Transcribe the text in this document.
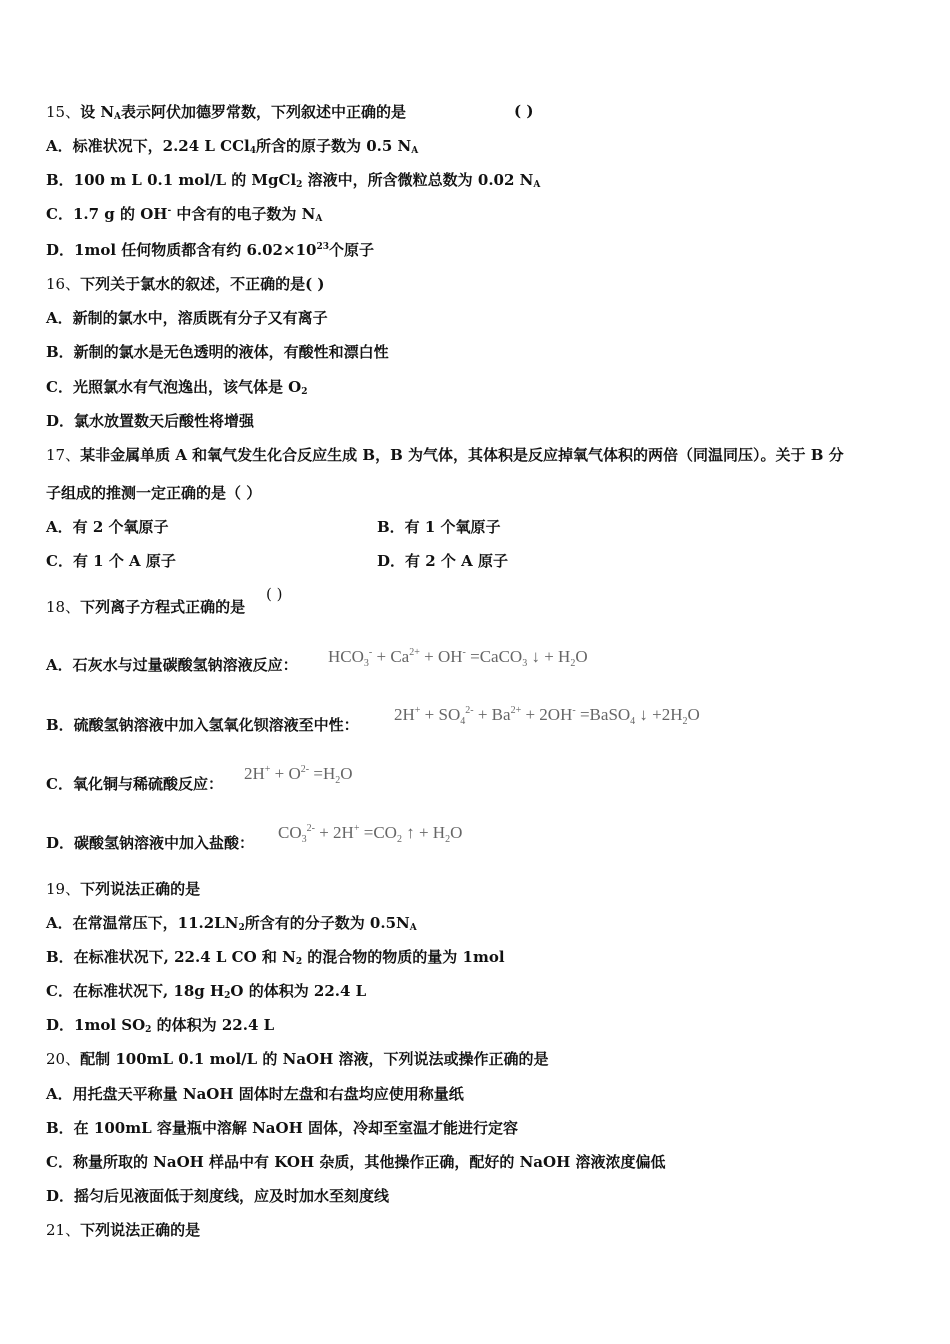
15、设 $N_A$表示阿伏加德罗常数，下列叙述中正确的是	( )
A．标准状况下，2.24 L CCl$_4$所含的原子数为 0.5 $N_A$
B．100 m L 0.1 mol/L 的 MgCl$_2$ 溶液中，所含微粒总数为 0.02 $N_A$
C．1.7 g 的 OH- 中含有的电子数为 $N_A$
D．1mol 任何物质都含有约 $6.02\times 10^{23}$个原子
16、下列关于氯水的叙述，不正确的是( )
A．新制的氯水中，溶质既有分子又有离子
B．新制的氯水是无色透明的液体，有酸性和漂白性
C．光照氯水有气泡逸出，该气体是 $O_2$
D．氯水放置数天后酸性将增强
17、某非金属单质 A 和氧气发生化合反应生成 B，B 为气体，其体积是反应掉氧气体积的两倍（同温同压）。关于 B 分
子组成的推测一定正确的是（ ）
A．有 2 个氧原子	B．有 1 个氧原子
C．有 1 个 A 原子	D．有 2 个 A 原子
18、下列离子方程式正确的是
( )
A．石灰水与过量碳酸氢钠溶液反应： $HCO_3^- + Ca^{2+} + OH^-$ =CaCO$_3$ ↓ + $H_2O$
B．硫酸氢钠溶液中加入氢氧化钡溶液至中性：
$2H^+ + SO_4^{2-} + Ba^{2+} + 2OH^-$ =BaSO$_4$ ↓ $+2H_2O$
C．氧化铜与稀硫酸反应：
$2H^+ + O^{2-} =H_2O$
D．碳酸氢钠溶液中加入盐酸：
$CO_3^{2-} + 2H^+ =CO_2$ ↑ + $H_2O$
19、下列说法正确的是
A．在常温常压下，$11.2LN_2$所含有的分子数为 $0.5N_A$
B．在标准状况下, 22.4 L CO 和 $N_2$ 的混合物的物质的量为 1mol
C．在标准状况下, 18g $H_2O$ 的体积为 22.4 L
D．1mol $SO_2$ 的体积为 22.4 L
20、配制 100mL 0.1 mol/L 的 NaOH 溶液，下列说法或操作正确的是
A．用托盘天平称量 NaOH 固体时左盘和右盘均应使用称量纸
B．在 100mL 容量瓶中溶解 NaOH 固体，冷却至室温才能进行定容
C．称量所取的 NaOH 样品中有 KOH 杂质，其他操作正确，配好的 NaOH 溶液浓度偏低
D．摇匀后见液面低于刻度线，应及时加水至刻度线
21、下列说法正确的是
